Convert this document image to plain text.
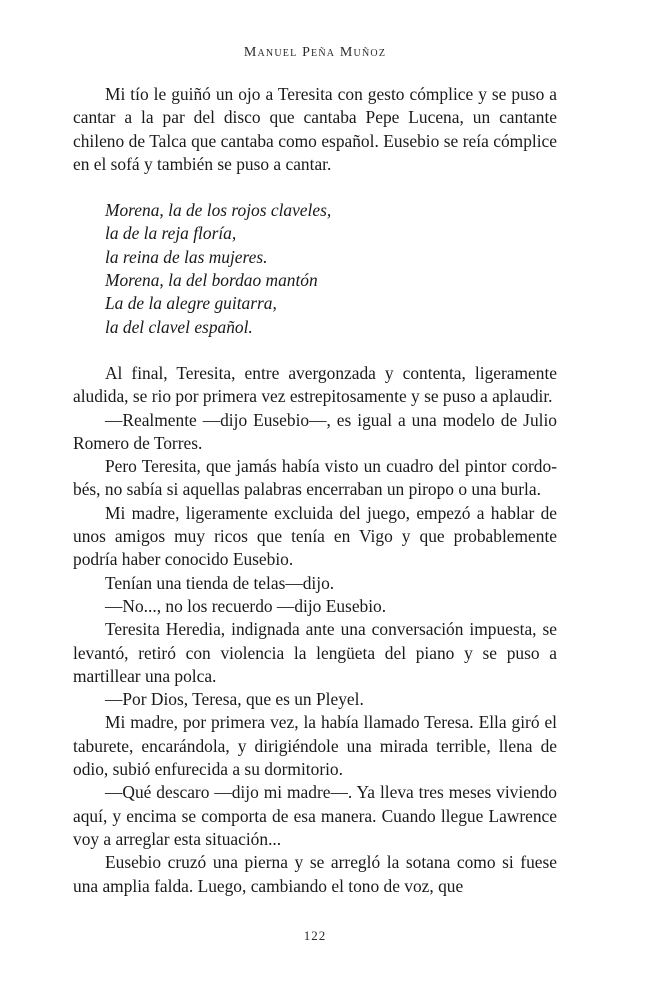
Manuel Peña Muñoz

Mi tío le guiñó un ojo a Teresita con gesto cómplice y se puso a cantar a la par del disco que cantaba Pepe Lucena, un cantante chileno de Talca que cantaba como español. Eusebio se reía cómplice en el sofá y también se puso a cantar.

Morena, la de los rojos claveles,
la de la reja floría,
la reina de las mujeres.
Morena, la del bordao mantón
La de la alegre guitarra,
la del clavel español.

Al final, Teresita, entre avergonzada y contenta, ligeramente aludida, se rio por primera vez estrepitosamente y se puso a aplaudir.

—Realmente —dijo Eusebio—, es igual a una modelo de Julio Romero de Torres.

Pero Teresita, que jamás había visto un cuadro del pintor cordobés, no sabía si aquellas palabras encerraban un piropo o una burla.

Mi madre, ligeramente excluida del juego, empezó a hablar de unos amigos muy ricos que tenía en Vigo y que probablemente podría haber conocido Eusebio.

Tenían una tienda de telas—dijo.

—No..., no los recuerdo —dijo Eusebio.

Teresita Heredia, indignada ante una conversación impuesta, se levantó, retiró con violencia la lengüeta del piano y se puso a martillear una polca.

—Por Dios, Teresa, que es un Pleyel.

Mi madre, por primera vez, la había llamado Teresa. Ella giró el taburete, encarándola, y dirigiéndole una mirada terrible, llena de odio, subió enfurecida a su dormitorio.

—Qué descaro —dijo mi madre—. Ya lleva tres meses viviendo aquí, y encima se comporta de esa manera. Cuando llegue Lawrence voy a arreglar esta situación...

Eusebio cruzó una pierna y se arregló la sotana como si fuese una amplia falda. Luego, cambiando el tono de voz, que

122
